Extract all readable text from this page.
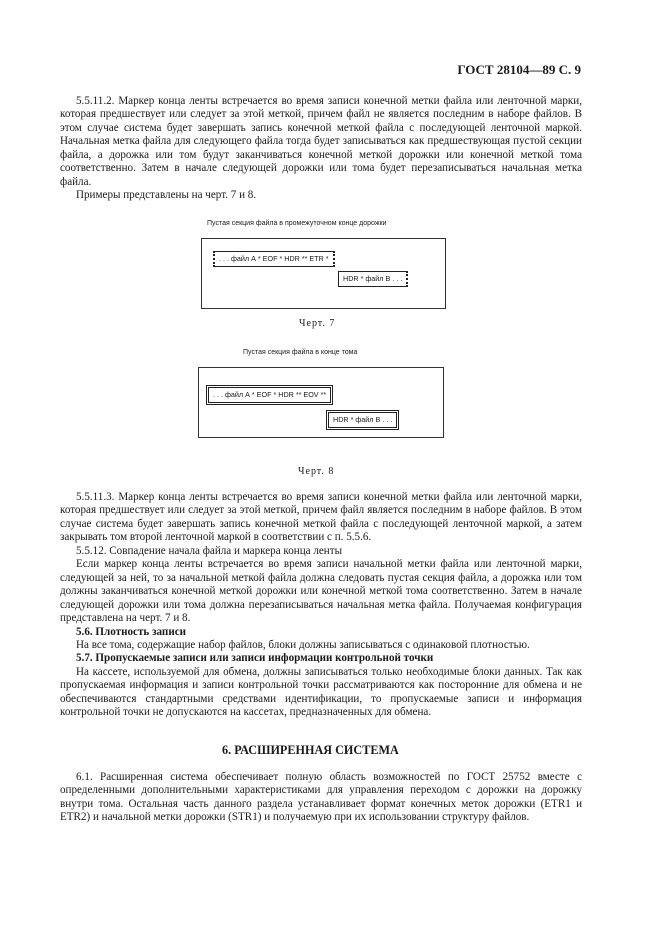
ГОСТ 28104—89 С. 9

5.5.11.2. Маркер конца ленты встречается во время записи конечной метки файла или ленточной марки, которая предшествует или следует за этой меткой, причем файл не является последним в наборе файлов. В этом случае система будет завершать запись конечной меткой файла с последующей ленточной маркой. Начальная метка файла для следующего файла тогда будет записываться как предшествующая пустой секции файла, а дорожка или том будут заканчиваться конечной меткой дорожки или конечной меткой тома соответственно. Затем в начале следующей дорожки или тома будет перезаписываться начальная метка файла.

Примеры представлены на черт. 7 и 8.

Пустая секция файла в промежуточном конце дорожки
. . . файл А * EOF * HDR ** ETR *
HDR * файл В . . .
Черт. 7
Пустая секция файла в конце тома
. . . файл А * EOF * HDR ** EOV **
HDR * файл В . . .
Черт. 8

5.5.11.3. Маркер конца ленты встречается во время записи конечной метки файла или ленточной марки, которая предшествует или следует за этой меткой, причем файл является последним в наборе файлов. В этом случае система будет завершать запись конечной меткой файла с последующей ленточной маркой, а затем закрывать том второй ленточной маркой в соответствии с п. 5.5.6.

5.5.12. Совпадение начала файла и маркера конца ленты

Если маркер конца ленты встречается во время записи начальной метки файла или ленточной марки, следующей за ней, то за начальной меткой файла должна следовать пустая секция файла, а дорожка или том должны заканчиваться конечной меткой дорожки или конечной меткой тома соответственно. Затем в начале следующей дорожки или тома должна перезаписываться начальная метка файла. Получаемая конфигурация представлена на черт. 7 и 8.

5.6. Плотность записи

На все тома, содержащие набор файлов, блоки должны записываться с одинаковой плотностью.

5.7. Пропускаемые записи или записи информации контрольной точки

На кассете, используемой для обмена, должны записываться только необходимые блоки данных. Так как пропускаемая информация и записи контрольной точки рассматриваются как посторонние для обмена и не обеспечиваются стандартными средствами идентификации, то пропускаемые записи и информация контрольной точки не допускаются на кассетах, предназначенных для обмена.

6. РАСШИРЕННАЯ СИСТЕМА

6.1. Расширенная система обеспечивает полную область возможностей по ГОСТ 25752 вместе с определенными дополнительными характеристиками для управления переходом с дорожки на дорожку внутри тома. Остальная часть данного раздела устанавливает формат конечных меток дорожки (ETR1 и ETR2) и начальной метки дорожки (STR1) и получаемую при их использовании структуру файлов.
